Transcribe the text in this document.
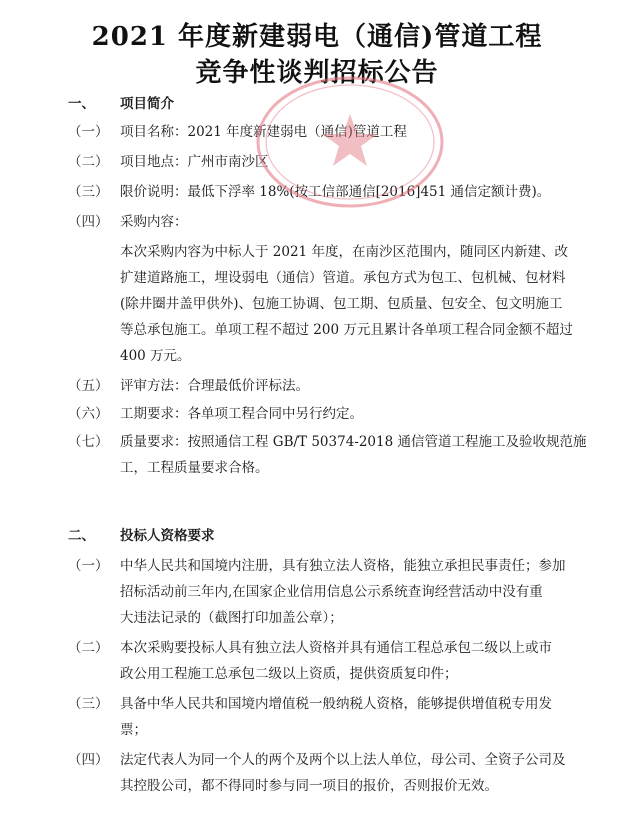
2021 年度新建弱电（通信)管道工程
竞争性谈判招标公告
一、 项目简介
（一） 项目名称：2021 年度新建弱电（通信)管道工程
（二） 项目地点：广州市南沙区
（三） 限价说明：最低下浮率 18%(按工信部通信[2016]451 通信定额计费)。
（四） 采购内容：
本次采购内容为中标人于 2021 年度，在南沙区范围内，随同区内新建、改
扩建道路施工，埋设弱电（通信）管道。承包方式为包工、包机械、包材料
(除井圈井盖甲供外)、包施工协调、包工期、包质量、包安全、包文明施工
等总承包施工。单项工程不超过 200 万元且累计各单项工程合同金额不超过
400 万元。
（五） 评审方法：合理最低价评标法。
（六） 工期要求：各单项工程合同中另行约定。
（七） 质量要求：按照通信工程 GB/T 50374-2018 通信管道工程施工及验收规范施
工，工程质量要求合格。
二、 投标人资格要求
（一） 中华人民共和国境内注册，具有独立法人资格，能独立承担民事责任；参加
招标活动前三年内,在国家企业信用信息公示系统查询经营活动中没有重
大违法记录的（截图打印加盖公章）；
（二） 本次采购要投标人具有独立法人资格并具有通信工程总承包二级以上或市
政公用工程施工总承包二级以上资质，提供资质复印件；
（三） 具备中华人民共和国境内增值税一般纳税人资格，能够提供增值税专用发
票；
（四） 法定代表人为同一个人的两个及两个以上法人单位，母公司、全资子公司及
其控股公司，都不得同时参与同一项目的报价，否则报价无效。
